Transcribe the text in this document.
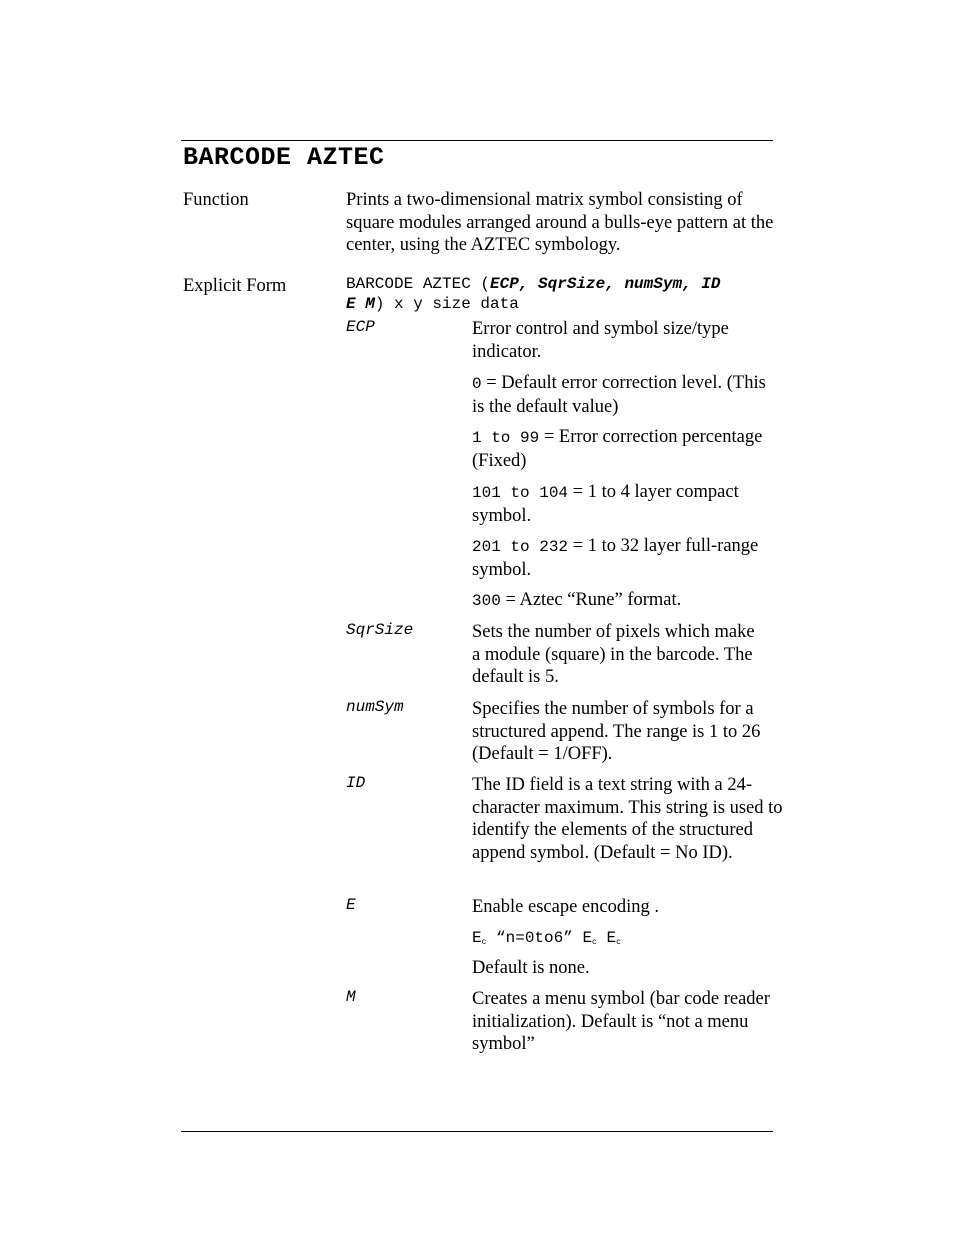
BARCODE AZTEC
Function	Prints a two-dimensional matrix symbol consisting of square modules arranged around a bulls-eye pattern at the center, using the AZTEC symbology.
Explicit Form	BARCODE AZTEC (ECP, SqrSize, numSym, ID
E M) x y size data
ECP	Error control and symbol size/type indicator.
0 = Default error correction level. (This is the default value)
1 to 99 = Error correction percentage (Fixed)
101 to 104 = 1 to 4 layer compact symbol.
201 to 232 = 1 to 32 layer full-range symbol.
300 = Aztec “Rune” format.
SqrSize	Sets the number of pixels which make a module (square) in the barcode. The default is 5.
numSym	Specifies the number of symbols for a structured append. The range is 1 to 26 (Default = 1/OFF).
ID	The ID field is a text string with a 24-character maximum. This string is used to identify the elements of the structured append symbol. (Default = No ID).
E	Enable escape encoding .
$E_c$ “n=0to6” $E_c$ $E_c$
Default is none.
M	Creates a menu symbol (bar code reader initialization). Default is “not a menu symbol”
